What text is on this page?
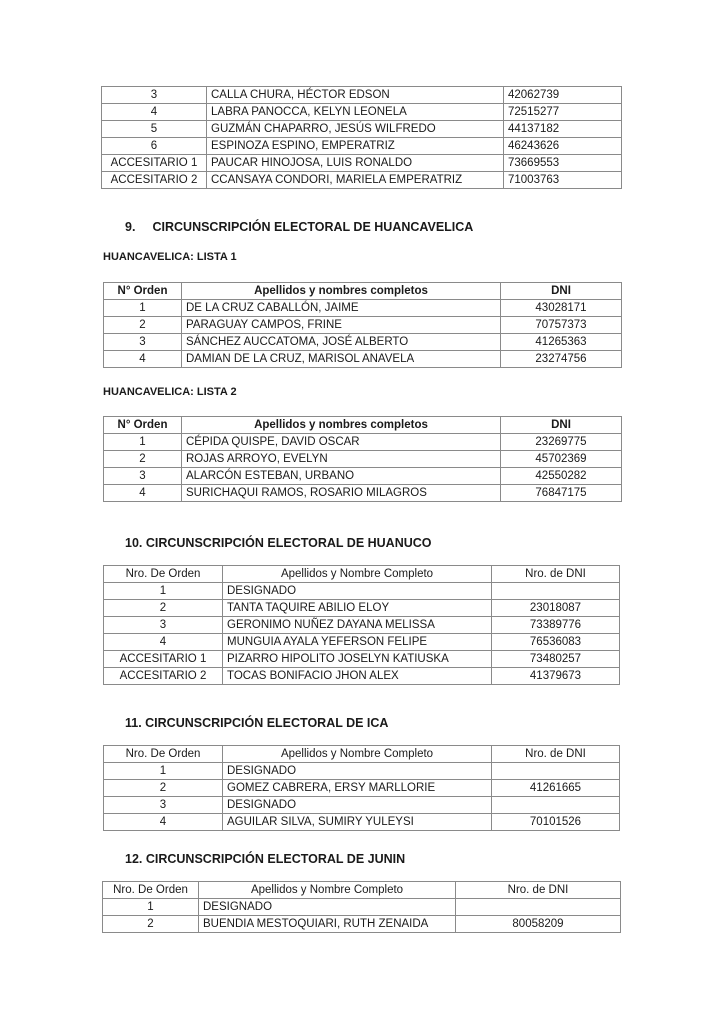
3	CALLA CHURA, HÉCTOR EDSON	42062739
4	LABRA PANOCCA, KELYN LEONELA	72515277
5	GUZMÁN CHAPARRO, JESÚS WILFREDO	44137182
6	ESPINOZA ESPINO, EMPERATRIZ	46243626
ACCESITARIO 1	PAUCAR HINOJOSA, LUIS RONALDO	73669553
ACCESITARIO 2	CCANSAYA CONDORI, MARIELA EMPERATRIZ	71003763
9. CIRCUNSCRIPCIÓN ELECTORAL DE HUANCAVELICA
HUANCAVELICA: LISTA 1
N° Orden	Apellidos y nombres completos	DNI
1	DE LA CRUZ CABALLÓN, JAIME	43028171
2	PARAGUAY CAMPOS, FRINE	70757373
3	SÁNCHEZ AUCCATOMA, JOSÉ ALBERTO	41265363
4	DAMIAN DE LA CRUZ, MARISOL ANAVELA	23274756
HUANCAVELICA: LISTA 2
N° Orden	Apellidos y nombres completos	DNI
1	CÉPIDA QUISPE, DAVID OSCAR	23269775
2	ROJAS ARROYO, EVELYN	45702369
3	ALARCÓN ESTEBAN, URBANO	42550282
4	SURICHAQUI RAMOS, ROSARIO MILAGROS	76847175
10. CIRCUNSCRIPCIÓN ELECTORAL DE HUANUCO
Nro. De Orden	Apellidos y Nombre Completo	Nro. de DNI
1	DESIGNADO	
2	TANTA TAQUIRE ABILIO ELOY	23018087
3	GERONIMO NUÑEZ DAYANA MELISSA	73389776
4	MUNGUIA AYALA YEFERSON FELIPE	76536083
ACCESITARIO 1	PIZARRO HIPOLITO JOSELYN KATIUSKA	73480257
ACCESITARIO 2	TOCAS BONIFACIO JHON ALEX	41379673
11. CIRCUNSCRIPCIÓN ELECTORAL DE ICA
Nro. De Orden	Apellidos y Nombre Completo	Nro. de DNI
1	DESIGNADO	
2	GOMEZ CABRERA, ERSY MARLLORIE	41261665
3	DESIGNADO	
4	AGUILAR SILVA, SUMIRY YULEYSI	70101526
12. CIRCUNSCRIPCIÓN ELECTORAL DE JUNIN
Nro. De Orden	Apellidos y Nombre Completo	Nro. de DNI
1	DESIGNADO	
2	BUENDIA MESTOQUIARI, RUTH ZENAIDA	80058209
